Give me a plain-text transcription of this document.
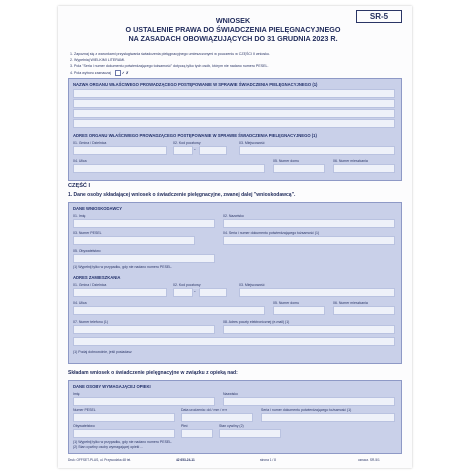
SR-5
WNIOSEK
O USTALENIE PRAWA DO ŚWIADCZENIA PIELĘGNACYJNEGO
NA ZASADACH OBOWIĄZUJĄCYCH DO 31 GRUDNIA 2023 R.
1. Zapoznaj się z warunkami przysługiwania świadczenia pielęgnacyjnego umieszczonymi w pouczeniu w CZĘŚCI II wniosku.
2. Wypełniaj WIELKIMI LITERAMI.
3. Pola "Seria i numer dokumentu potwierdzającego tożsamość" dotyczą tylko tych osób, którym nie nadano numeru PESEL.
4. Pola wyboru zaznaczaj	✓ ✗
NAZWA ORGANU WŁAŚCIWEGO PROWADZĄCEGO POSTĘPOWANIE W SPRAWIE ŚWIADCZENIA PIELĘGNACYJNEGO (1)
ADRES ORGANU WŁAŚCIWEGO PROWADZĄCEGO POSTĘPOWANIE W SPRAWIE ŚWIADCZENIA PIELĘGNACYJNEGO (1)
01. Gmina / Dzielnica	02. Kod pocztowy
-
03. Miejscowość
04. Ulica	05. Numer domu	06. Numer mieszkania
CZĘŚĆ I
1. Dane osoby składającej wniosek o świadczenie pielęgnacyjne, zwanej dalej "wnioskodawcą".
DANE WNIOSKODAWCY
01. Imię	02. Nazwisko
03. Numer PESEL	04. Seria i numer dokumentu potwierdzającego tożsamość (1)
05. Obywatelstwo
(1) Wypełnij tylko w przypadku, gdy nie nadano numeru PESEL.
ADRES ZAMIESZKANIA
01. Gmina / Dzielnica	02. Kod pocztowy
-
03. Miejscowość
04. Ulica	05. Numer domu	06. Numer mieszkania
07. Numer telefonu (1)	08. Adres poczty elektronicznej (e-mail) (1)
(1) Podaj dobrowolnie, jeśli posiadasz
Składam wniosek o świadczenie pielęgnacyjne w związku z opieką nad:
DANE OSOBY WYMAGAJĄCEJ OPIEKI
Imię	Nazwisko
Numer PESEL	Data urodzenia: dd / mm / rrrr	Seria i numer dokumentu potwierdzającego tożsamość (1)
Obywatelstwo	Płeć	Stan cywilny (2)
(1) Wypełnij tylko w przypadku, gdy nie nadano numeru PESEL.
(2) Stan cywilny osoby wymagającej opieki ...
Druk: OFFSET-PLUS, ul. Przywodzka 48 tel.	42 653-24-11	strona 1 / 8	oznacz. SR-5/1
